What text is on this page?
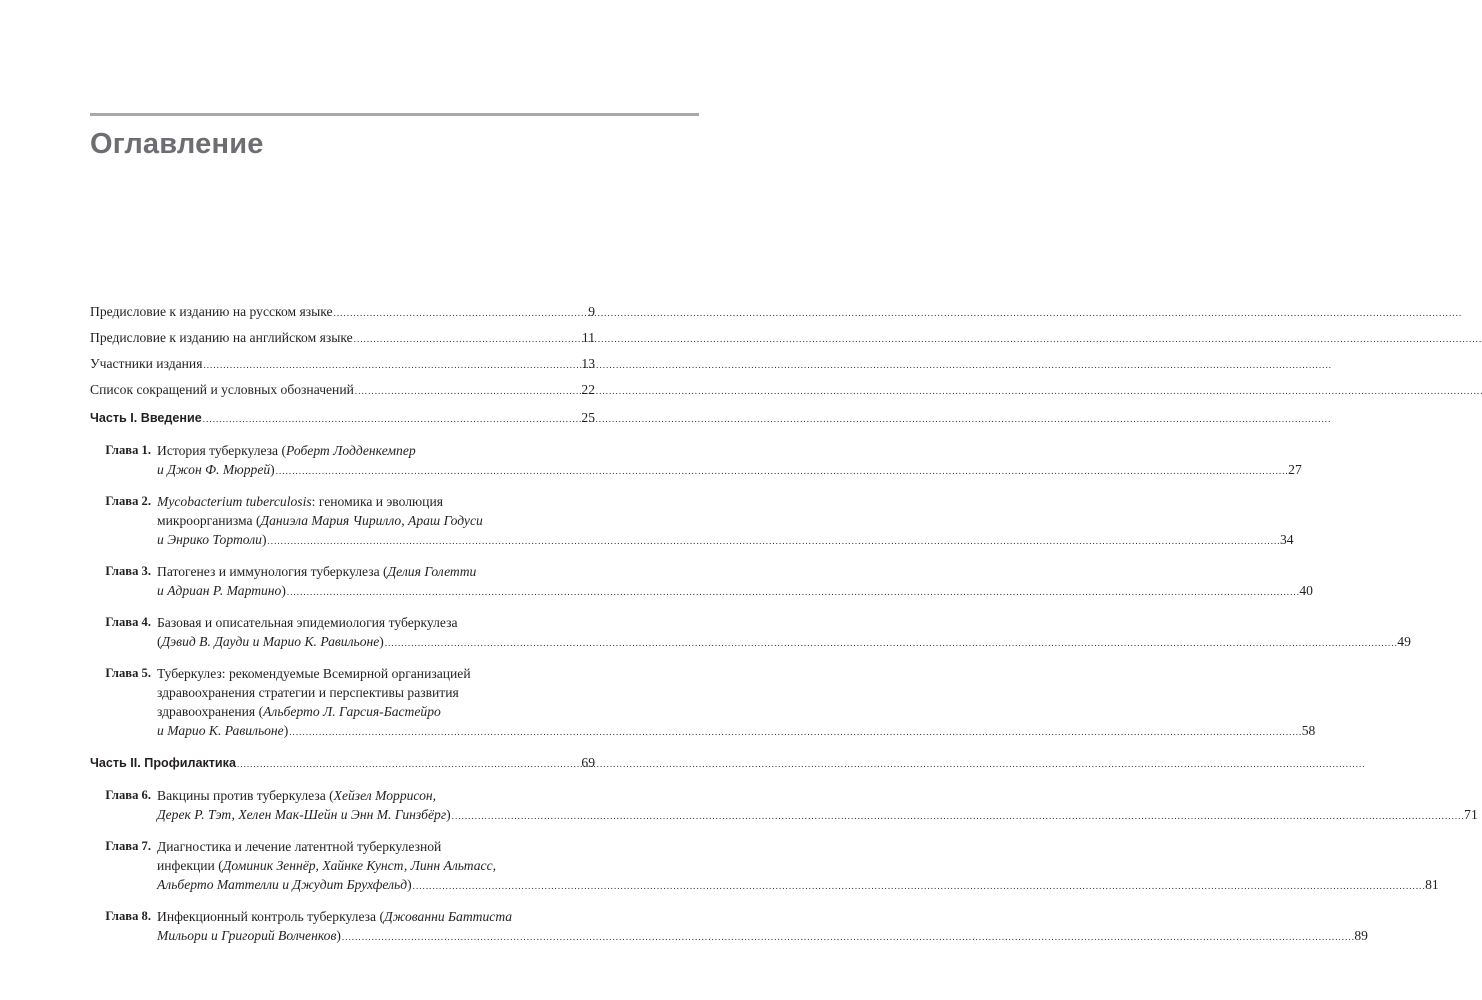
Оглавление
Предисловие к изданию на русском языке . . .	9
Предисловие к изданию на английском языке . . .	11
Участники издания . . .	13
Список сокращений и условных обозначений . . .	22
Часть I. Введение . . .	25
Глава 1. История туберкулеза (Роберт Лодденкемпер
и Джон Ф. Мюррей) . . .	27
Глава 2. Mycobacterium tuberculosis: геномика и эволюция
микроорганизма (Даниэла Мария Чирилло, Араш Годуси
и Энрико Тортоли) . . .	34
Глава 3. Патогенез и иммунология туберкулеза (Делия Голетти
и Адриан Р. Мартино) . . .	40
Глава 4. Базовая и описательная эпидемиология туберкулеза
(Дэвид В. Дауди и Марио К. Равильоне) . . .	49
Глава 5. Туберкулез: рекомендуемые Всемирной организацией
здравоохранения стратегии и перспективы развития
здравоохранения (Альберто Л. Гарсия-Бастейро
и Марио К. Равильоне) . . .	58
Часть II. Профилактика . . .	69
Глава 6. Вакцины против туберкулеза (Хейзел Моррисон,
Дерек Р. Тэт, Хелен Мак-Шейн и Энн М. Гинзбёрг) . . .	71
Глава 7. Диагностика и лечение латентной туберкулезной
инфекции (Доминик Зеннёр, Хайнке Кунст, Линн Альтасс,
Альберто Маттелли и Джудит Брухфельд) . . .	81
Глава 8. Инфекционный контроль туберкулеза (Джованни Баттиста
Мильори и Григорий Волченков) . . .	89
